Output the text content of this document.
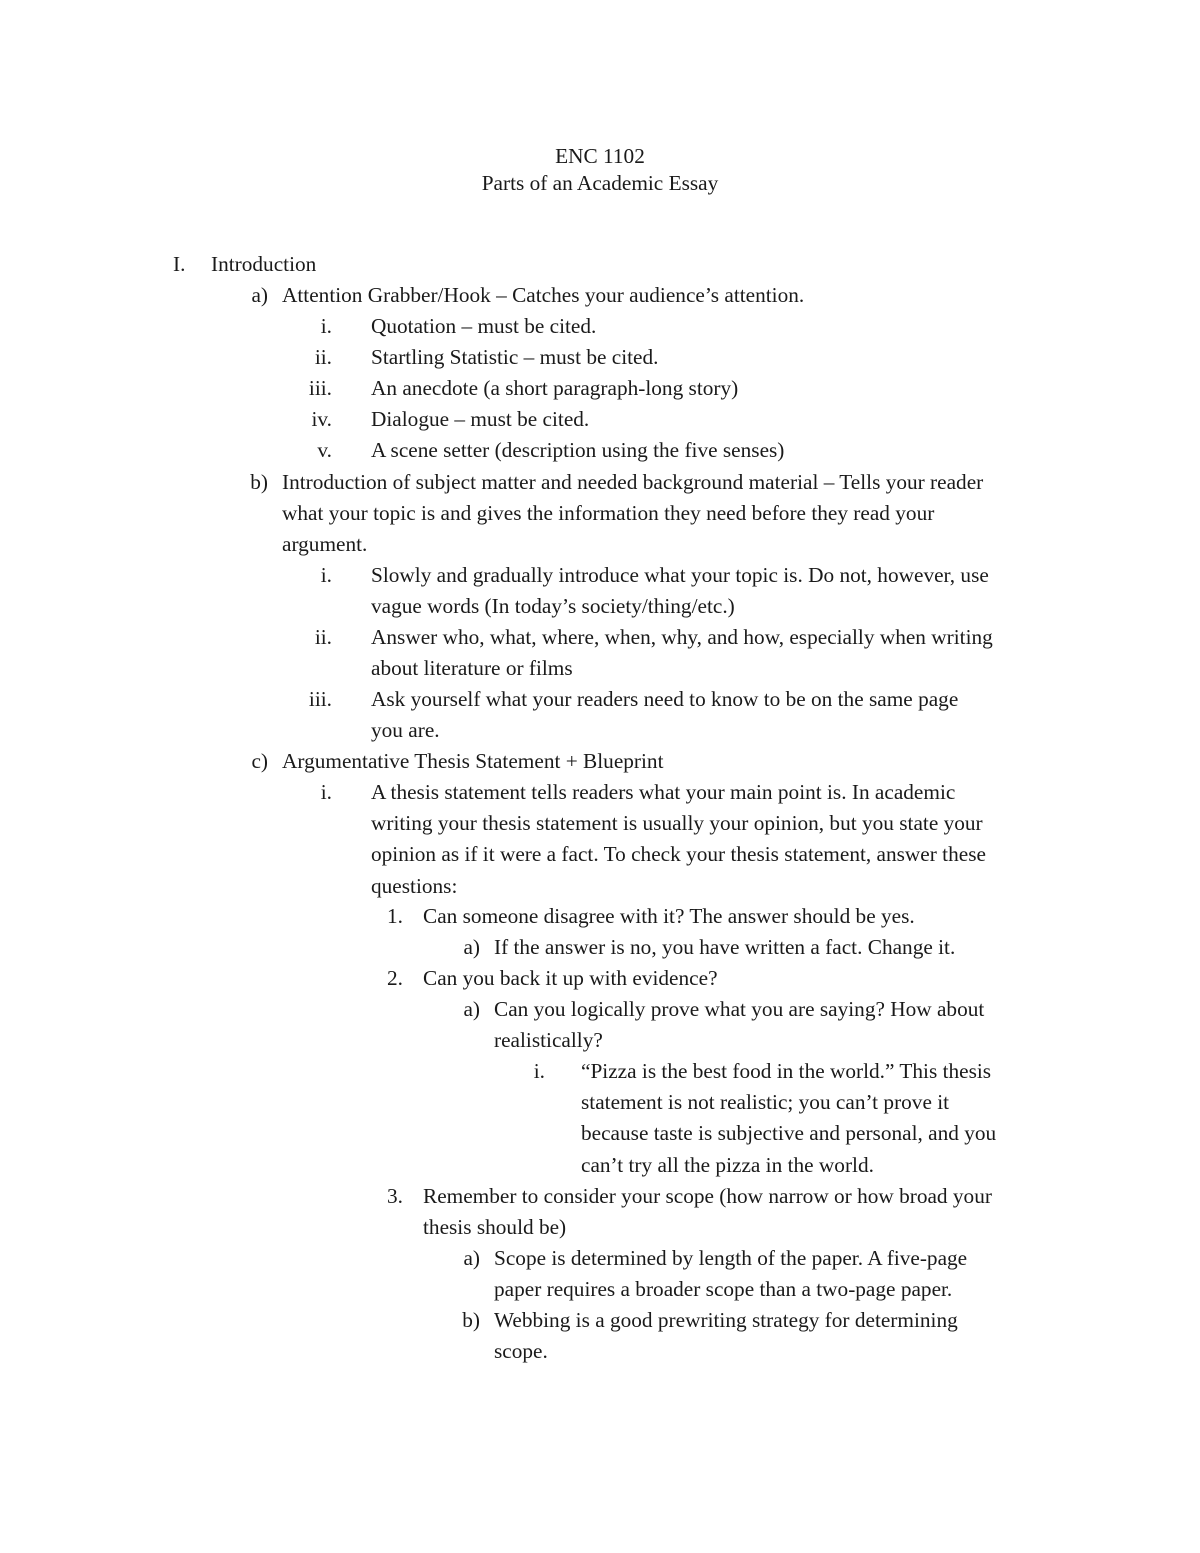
ENC 1102
Parts of an Academic Essay
I. Introduction
a) Attention Grabber/Hook – Catches your audience’s attention.
i. Quotation – must be cited.
ii. Startling Statistic – must be cited.
iii. An anecdote (a short paragraph-long story)
iv. Dialogue – must be cited.
v. A scene setter (description using the five senses)
b) Introduction of subject matter and needed background material – Tells your reader
what your topic is and gives the information they need before they read your
argument.
i. Slowly and gradually introduce what your topic is. Do not, however, use
vague words (In today’s society/thing/etc.)
ii. Answer who, what, where, when, why, and how, especially when writing
about literature or films
iii. Ask yourself what your readers need to know to be on the same page
you are.
c) Argumentative Thesis Statement + Blueprint
i. A thesis statement tells readers what your main point is. In academic
writing your thesis statement is usually your opinion, but you state your
opinion as if it were a fact. To check your thesis statement, answer these
questions:
1. Can someone disagree with it? The answer should be yes.
a) If the answer is no, you have written a fact. Change it.
2. Can you back it up with evidence?
a) Can you logically prove what you are saying? How about
realistically?
i. “Pizza is the best food in the world.” This thesis
statement is not realistic; you can’t prove it
because taste is subjective and personal, and you
can’t try all the pizza in the world.
3. Remember to consider your scope (how narrow or how broad your
thesis should be)
a) Scope is determined by length of the paper. A five-page
paper requires a broader scope than a two-page paper.
b) Webbing is a good prewriting strategy for determining
scope.
